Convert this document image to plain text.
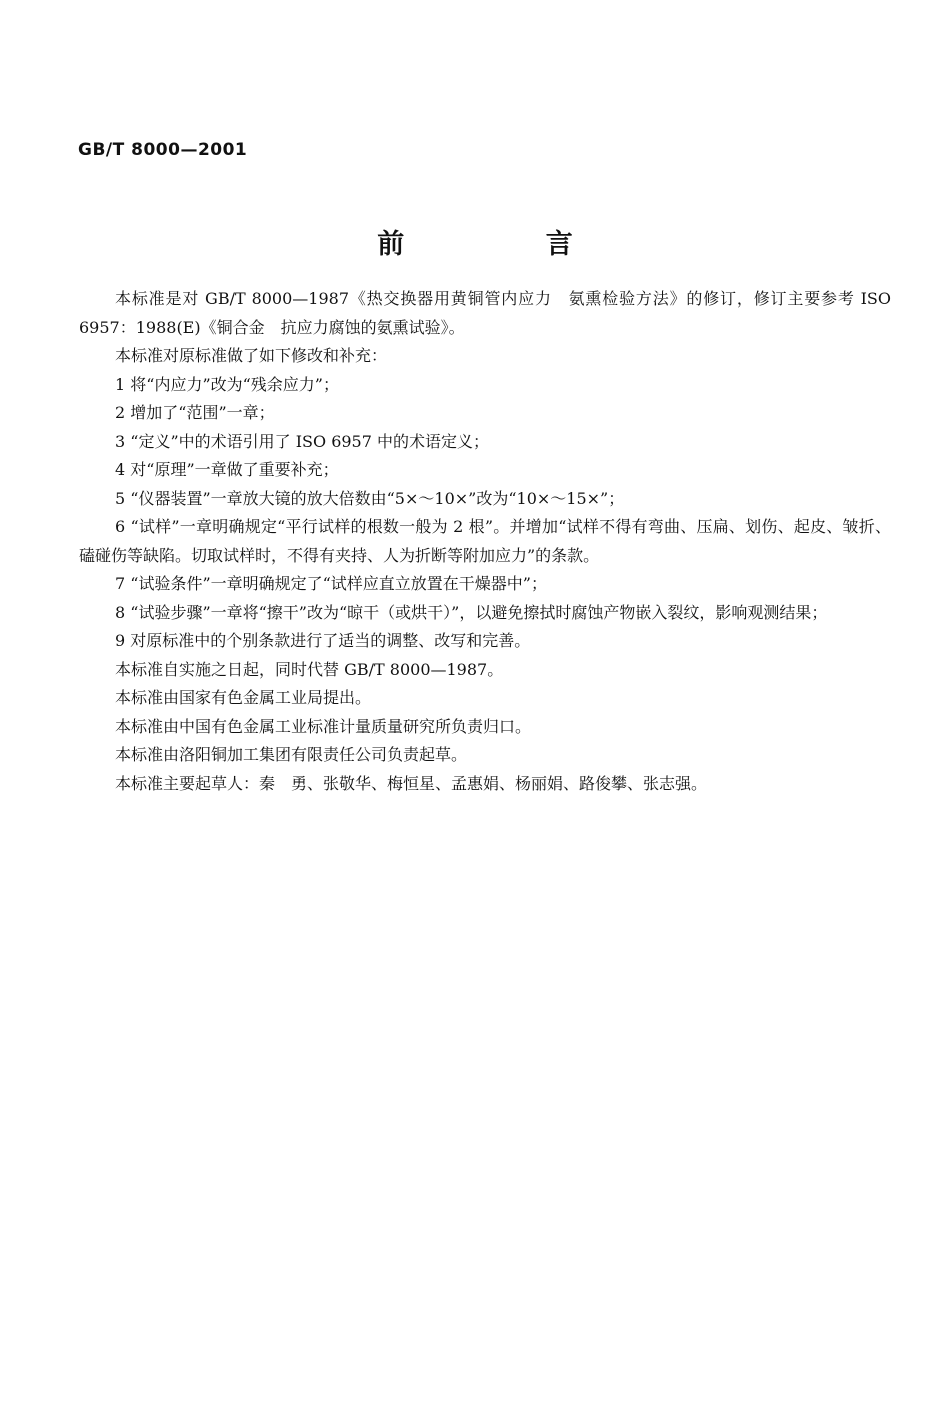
GB/T 8000—2001
前 言

本标准是对 GB/T 8000—1987《热交换器用黄铜管内应力　氨熏检验方法》的修订，修订主要参考 ISO 6957：1988(E)《铜合金　抗应力腐蚀的氨熏试验》。

本标准对原标准做了如下修改和补充：

1 将“内应力”改为“残余应力”；

2 增加了“范围”一章；

3 “定义”中的术语引用了 ISO 6957 中的术语定义；

4 对“原理”一章做了重要补充；

5 “仪器装置”一章放大镜的放大倍数由“5×～10×”改为“10×～15×”；

6 “试样”一章明确规定“平行试样的根数一般为 2 根”。并增加“试样不得有弯曲、压扁、划伤、起皮、皱折、磕碰伤等缺陷。切取试样时，不得有夹持、人为折断等附加应力”的条款。

7 “试验条件”一章明确规定了“试样应直立放置在干燥器中”；

8 “试验步骤”一章将“擦干”改为“晾干（或烘干）”，以避免擦拭时腐蚀产物嵌入裂纹，影响观测结果；

9 对原标准中的个别条款进行了适当的调整、改写和完善。

本标准自实施之日起，同时代替 GB/T 8000—1987。

本标准由国家有色金属工业局提出。

本标准由中国有色金属工业标准计量质量研究所负责归口。

本标准由洛阳铜加工集团有限责任公司负责起草。

本标准主要起草人：秦　勇、张敬华、梅恒星、孟惠娟、杨丽娟、路俊攀、张志强。
